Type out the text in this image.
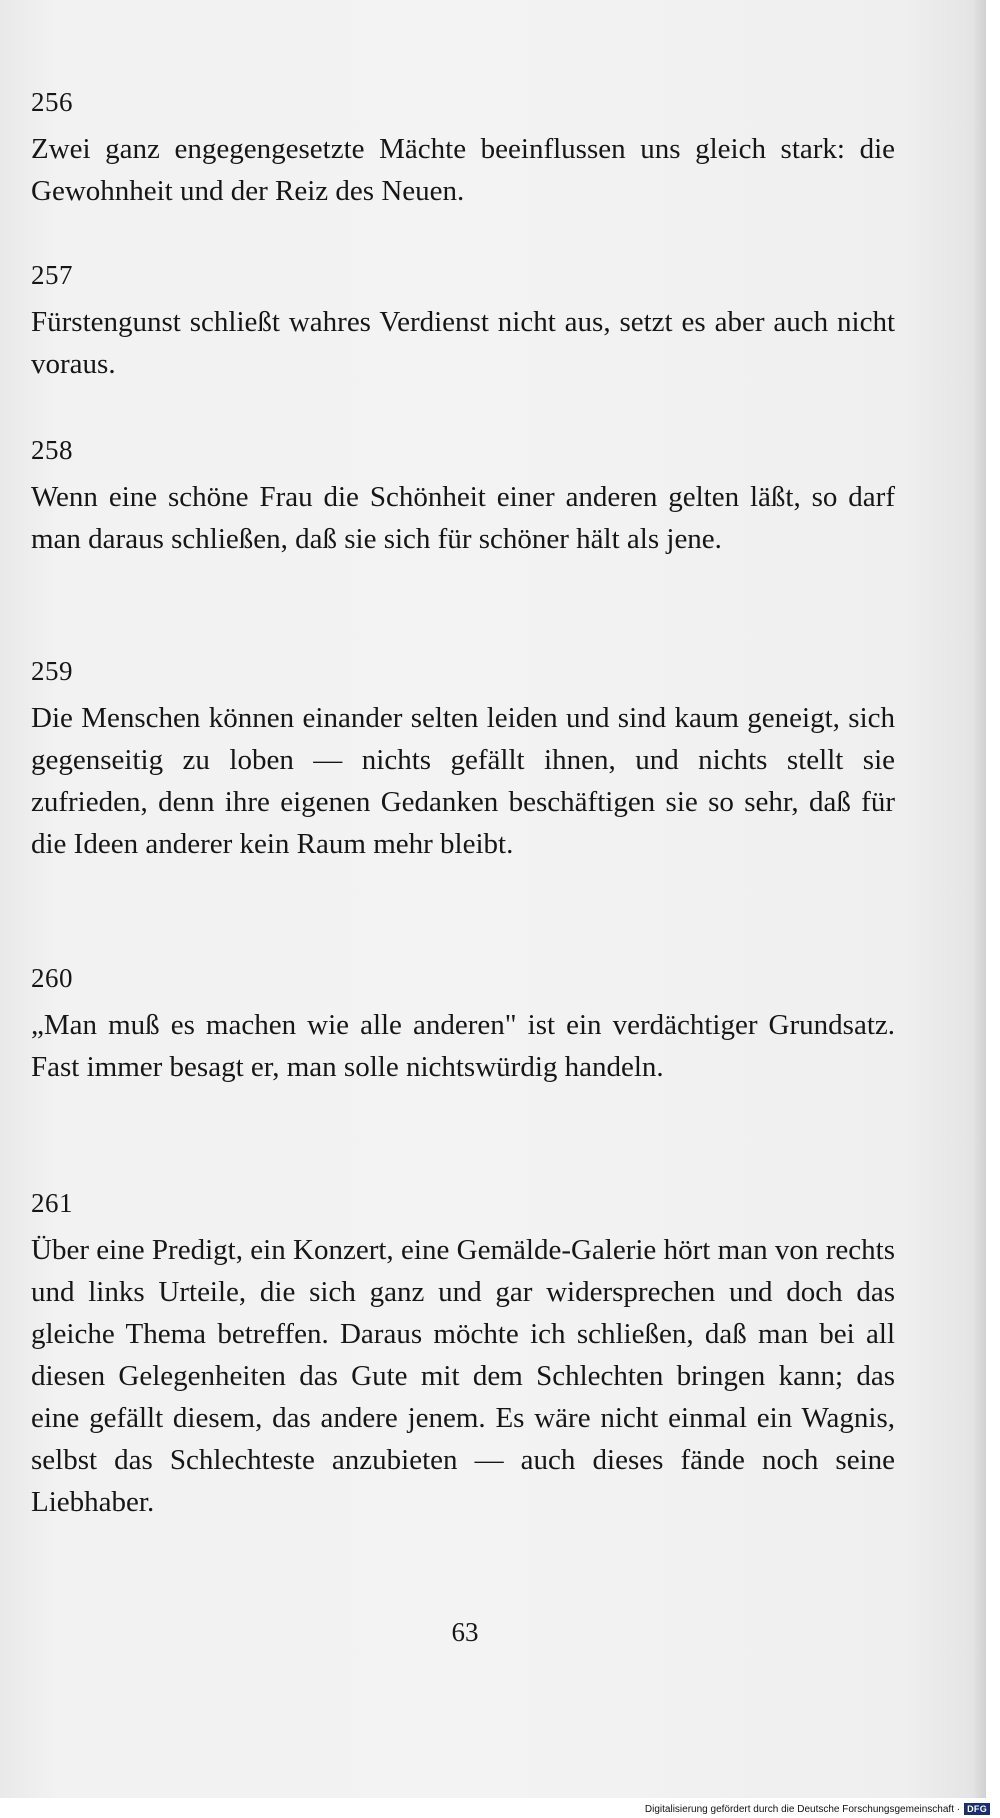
256

Zwei ganz engegengesetzte Mächte beeinflussen uns gleich stark: die Gewohnheit und der Reiz des Neuen.

257

Fürstengunst schließt wahres Verdienst nicht aus, setzt es aber auch nicht voraus.

258

Wenn eine schöne Frau die Schönheit einer anderen gelten läßt, so darf man daraus schließen, daß sie sich für schöner hält als jene.

259

Die Menschen können einander selten leiden und sind kaum geneigt, sich gegenseitig zu loben — nichts gefällt ihnen, und nichts stellt sie zufrieden, denn ihre eigenen Gedanken beschäftigen sie so sehr, daß für die Ideen anderer kein Raum mehr bleibt.

260

„Man muß es machen wie alle anderen" ist ein verdächtiger Grundsatz. Fast immer besagt er, man solle nichtswürdig handeln.

261

Über eine Predigt, ein Konzert, eine Gemälde-Galerie hört man von rechts und links Urteile, die sich ganz und gar widersprechen und doch das gleiche Thema betreffen. Daraus möchte ich schließen, daß man bei all diesen Gelegenheiten das Gute mit dem Schlechten bringen kann; das eine gefällt diesem, das andere jenem. Es wäre nicht einmal ein Wagnis, selbst das Schlechteste anzubieten — auch dieses fände noch seine Liebhaber.

63
Digitalisierung gefördert durch die Deutsche Forschungsgemeinschaft · DFG
